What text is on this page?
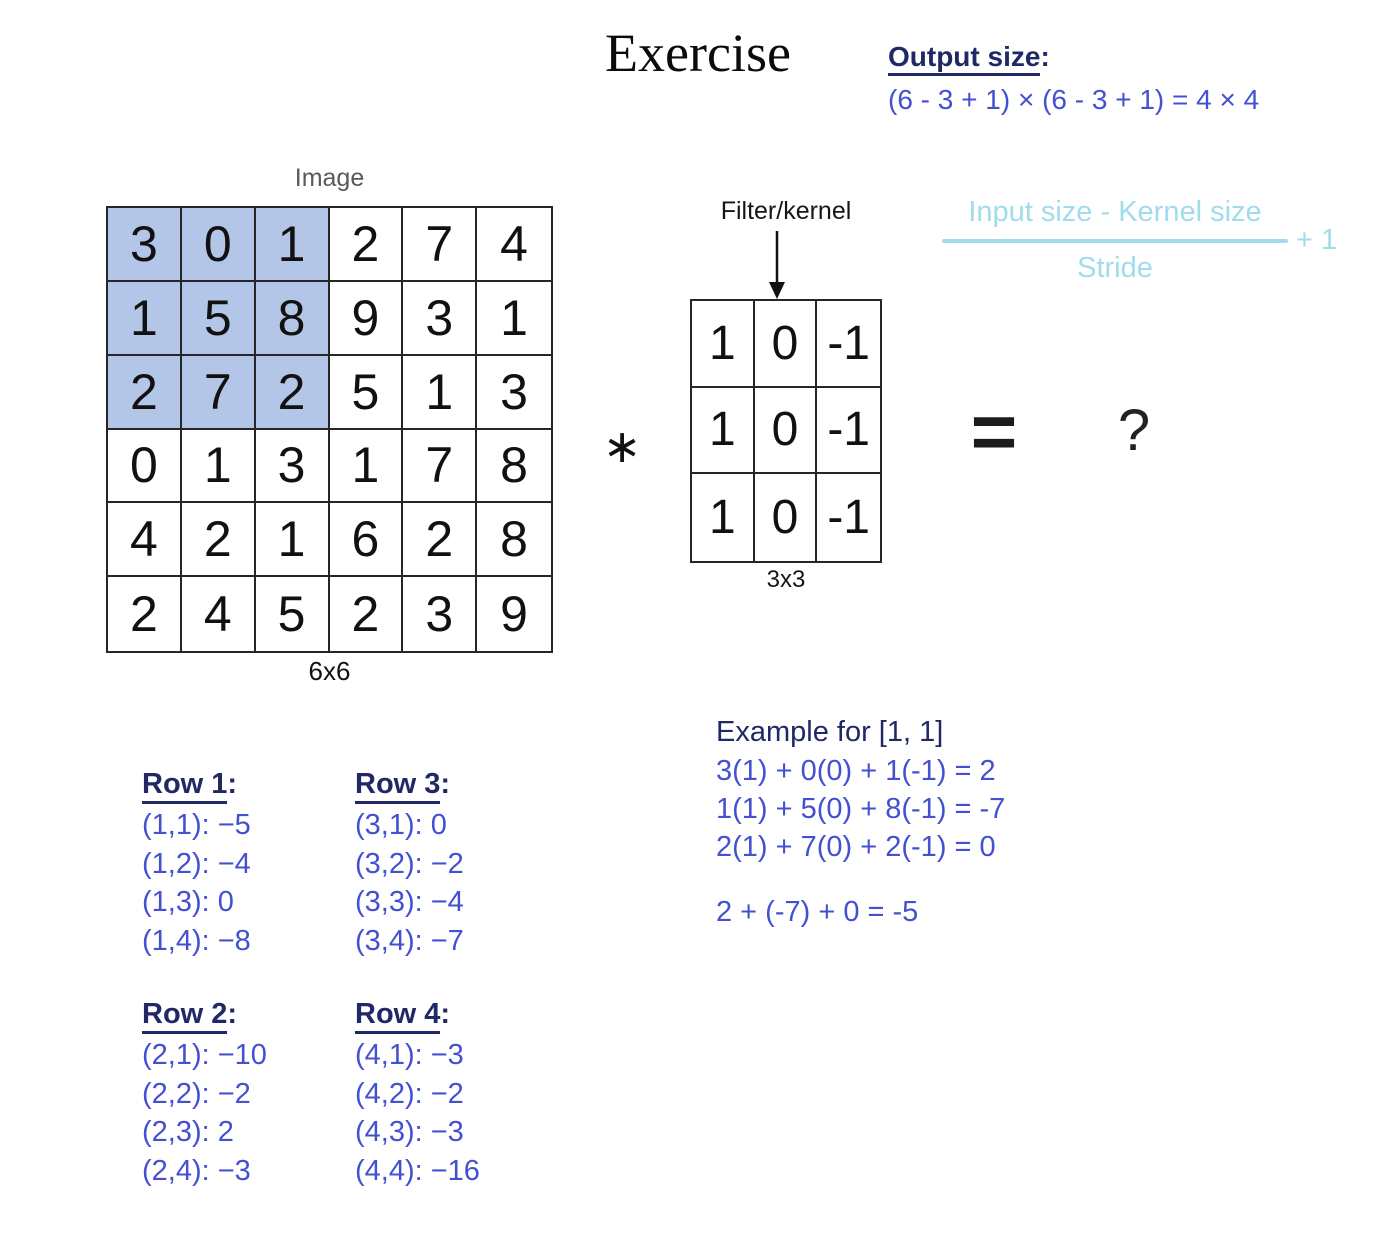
Exercise	Output size:
(6 - 3 + 1) × (6 - 3 + 1) = 4 × 4
Image
3 0 1 2 7 4
1 5 8 9 3 1
2 7 2 5 1 3
0 1 3 1 7 8
4 2 1 6 2 8
2 4 5 2 3 9
6x6
∗
Filter/kernel
1 0 -1
1 0 -1
1 0 -1
3x3
=	?
Input size - Kernel size
Stride
+ 1
Example for [1, 1]
3(1) + 0(0) + 1(-1) = 2
1(1) + 5(0) + 8(-1) = -7
2(1) + 7(0) + 2(-1) = 0
2 + (-7) + 0 = -5
Row 1:
(1,1): −5
(1,2): −4
(1,3): 0
(1,4): −8
Row 3:
(3,1): 0
(3,2): −2
(3,3): −4
(3,4): −7
Row 2:
(2,1): −10
(2,2): −2
(2,3): 2
(2,4): −3
Row 4:
(4,1): −3
(4,2): −2
(4,3): −3
(4,4): −16
